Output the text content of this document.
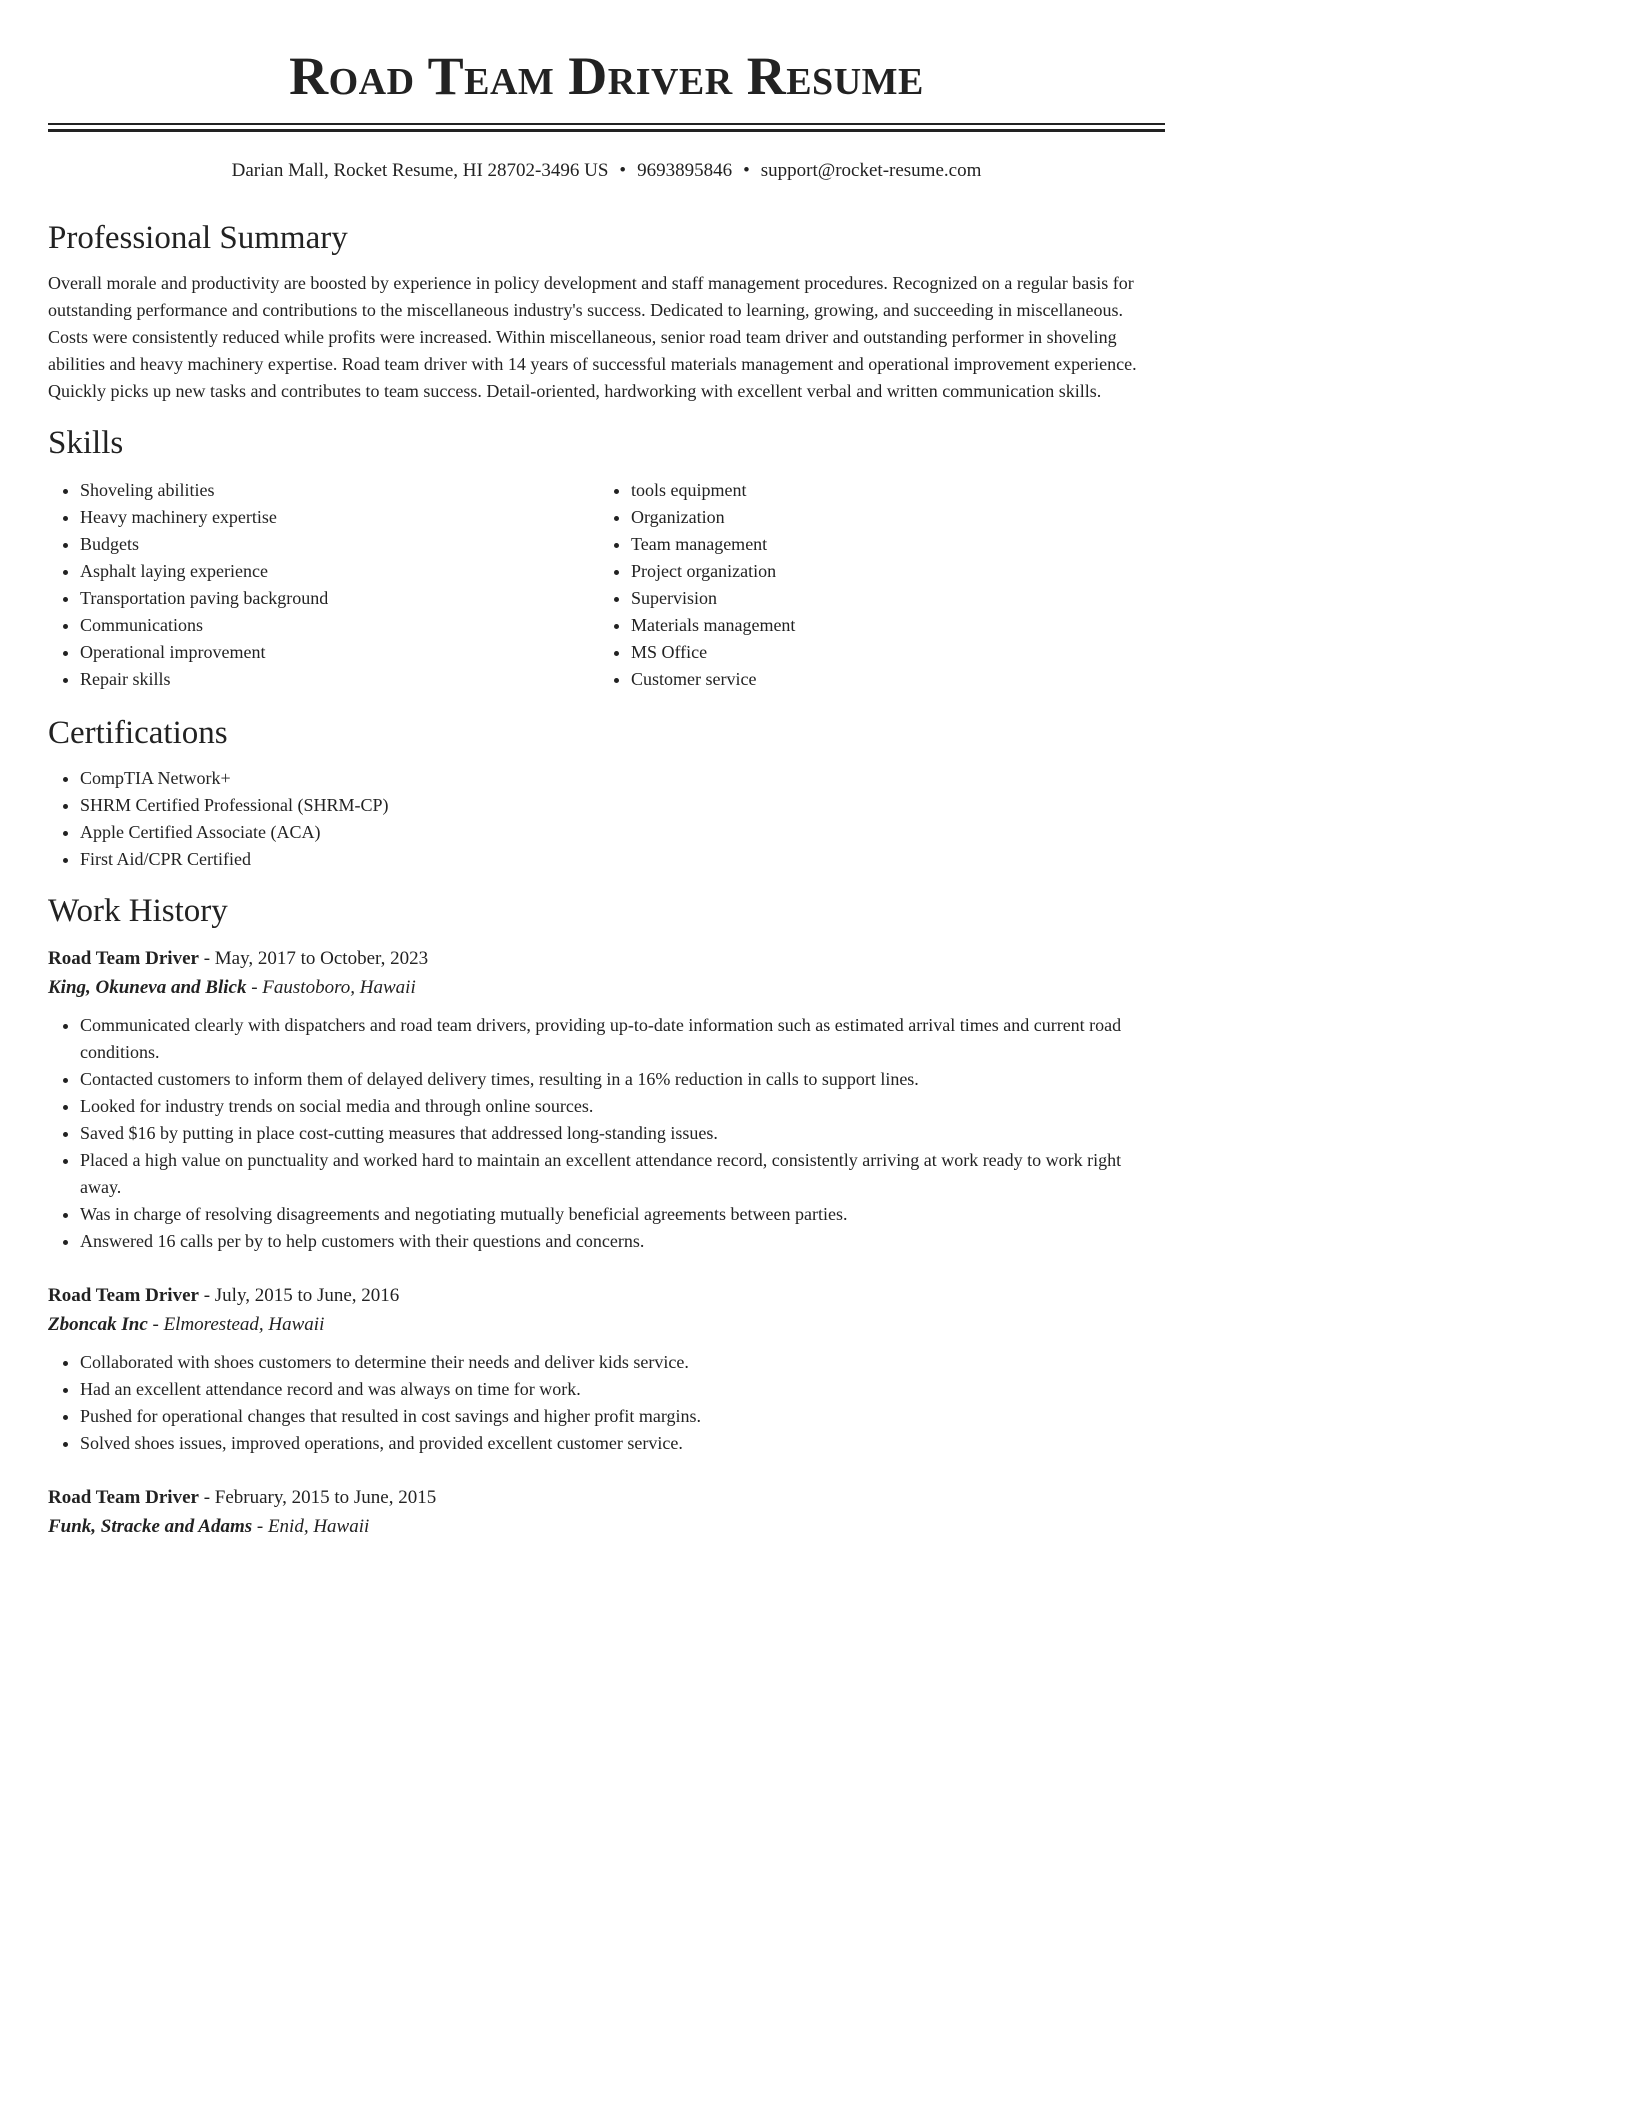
Road Team Driver Resume
Darian Mall, Rocket Resume, HI 28702-3496 US • 9693895846 • support@rocket-resume.com
Professional Summary
Overall morale and productivity are boosted by experience in policy development and staff management procedures. Recognized on a regular basis for outstanding performance and contributions to the miscellaneous industry's success. Dedicated to learning, growing, and succeeding in miscellaneous. Costs were consistently reduced while profits were increased. Within miscellaneous, senior road team driver and outstanding performer in shoveling abilities and heavy machinery expertise. Road team driver with 14 years of successful materials management and operational improvement experience. Quickly picks up new tasks and contributes to team success. Detail-oriented, hardworking with excellent verbal and written communication skills.
Skills
• Shoveling abilities
• Heavy machinery expertise
• Budgets
• Asphalt laying experience
• Transportation paving background
• Communications
• Operational improvement
• Repair skills
• tools equipment
• Organization
• Team management
• Project organization
• Supervision
• Materials management
• MS Office
• Customer service
Certifications
• CompTIA Network+
• SHRM Certified Professional (SHRM-CP)
• Apple Certified Associate (ACA)
• First Aid/CPR Certified
Work History
Road Team Driver - May, 2017 to October, 2023
King, Okuneva and Blick - Faustoboro, Hawaii
• Communicated clearly with dispatchers and road team drivers, providing up-to-date information such as estimated arrival times and current road conditions.
• Contacted customers to inform them of delayed delivery times, resulting in a 16% reduction in calls to support lines.
• Looked for industry trends on social media and through online sources.
• Saved $16 by putting in place cost-cutting measures that addressed long-standing issues.
• Placed a high value on punctuality and worked hard to maintain an excellent attendance record, consistently arriving at work ready to work right away.
• Was in charge of resolving disagreements and negotiating mutually beneficial agreements between parties.
• Answered 16 calls per by to help customers with their questions and concerns.
Road Team Driver - July, 2015 to June, 2016
Zboncak Inc - Elmorestead, Hawaii
• Collaborated with shoes customers to determine their needs and deliver kids service.
• Had an excellent attendance record and was always on time for work.
• Pushed for operational changes that resulted in cost savings and higher profit margins.
• Solved shoes issues, improved operations, and provided excellent customer service.
Road Team Driver - February, 2015 to June, 2015
Funk, Stracke and Adams - Enid, Hawaii
